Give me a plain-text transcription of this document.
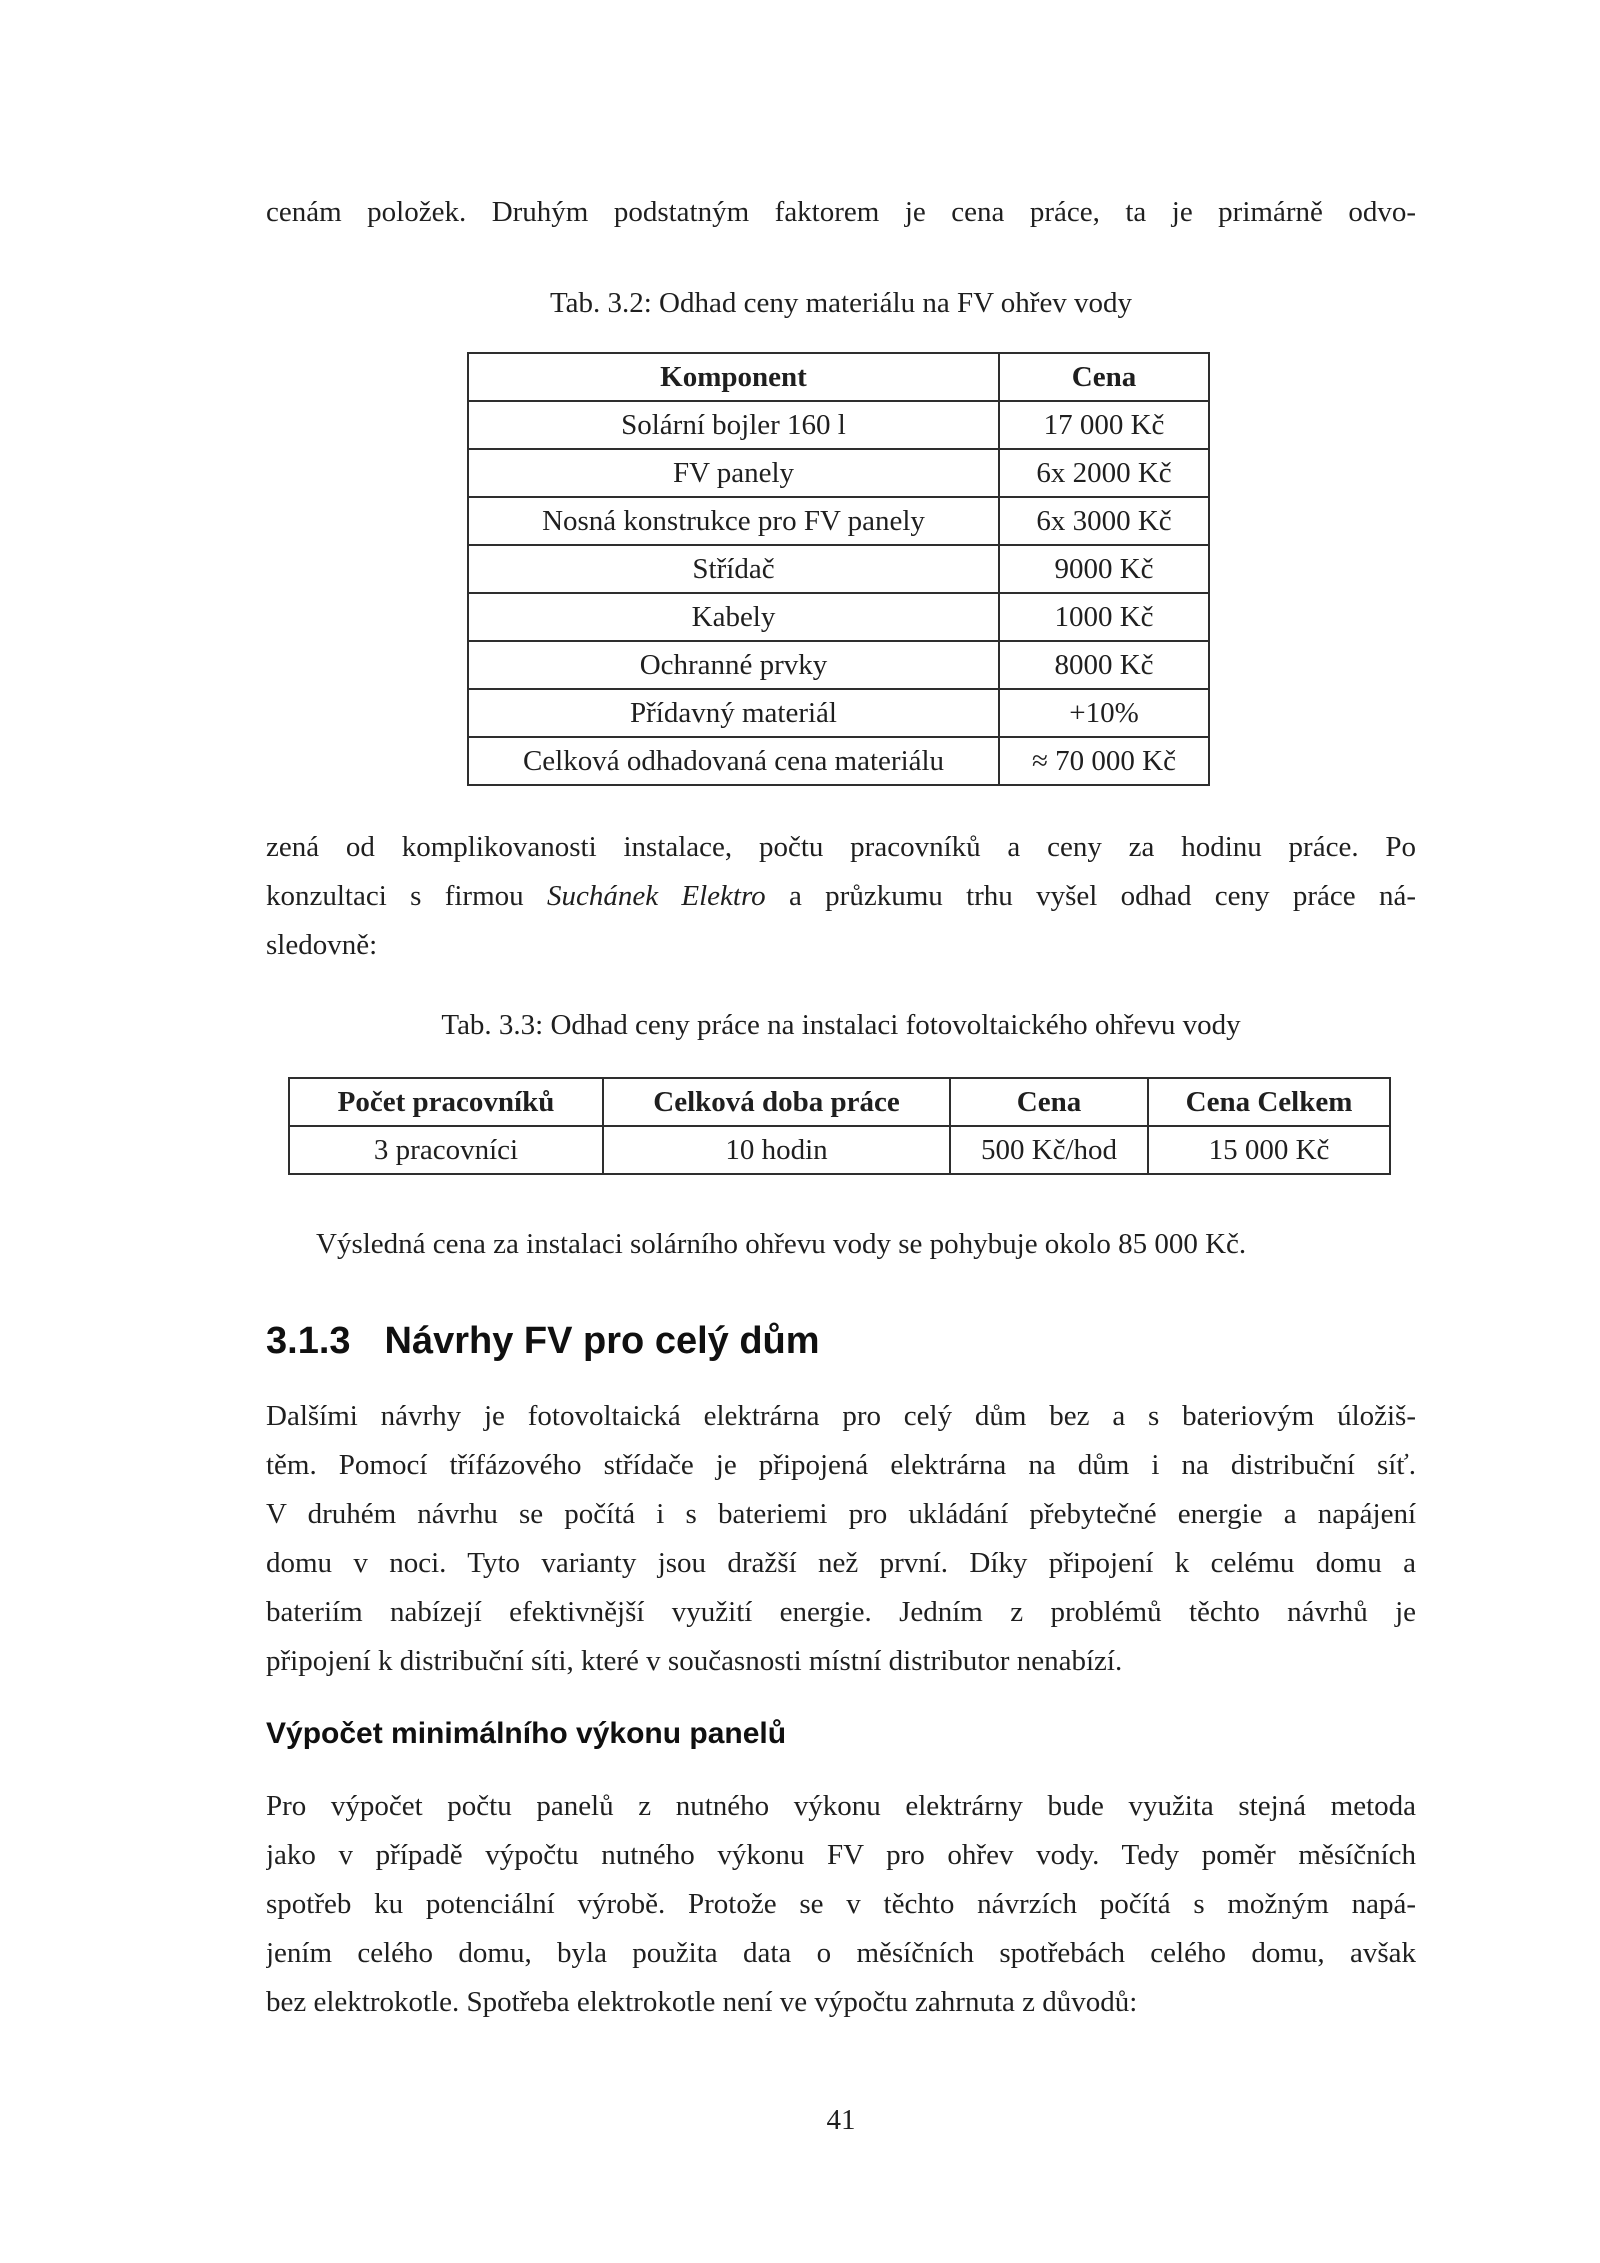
cenám položek. Druhým podstatným faktorem je cena práce, ta je primárně odvo-
Tab. 3.2: Odhad ceny materiálu na FV ohřev vody
Komponent	Cena
Solární bojler 160 l	17 000 Kč
FV panely	6x 2000 Kč
Nosná konstrukce pro FV panely	6x 3000 Kč
Střídač	9000 Kč
Kabely	1000 Kč
Ochranné prvky	8000 Kč
Přídavný materiál	+10%
Celková odhadovaná cena materiálu	≈ 70 000 Kč
zená od komplikovanosti instalace, počtu pracovníků a ceny za hodinu práce. Po
konzultaci s firmou Suchánek Elektro a průzkumu trhu vyšel odhad ceny práce ná-
sledovně:
Tab. 3.3: Odhad ceny práce na instalaci fotovoltaického ohřevu vody
Počet pracovníků	Celková doba práce	Cena	Cena Celkem
3 pracovníci	10 hodin	500 Kč/hod	15 000 Kč
Výsledná cena za instalaci solárního ohřevu vody se pohybuje okolo 85 000 Kč.
3.1.3 Návrhy FV pro celý dům
Dalšími návrhy je fotovoltaická elektrárna pro celý dům bez a s bateriovým úložiš-
těm. Pomocí třífázového střídače je připojená elektrárna na dům i na distribuční síť.
V druhém návrhu se počítá i s bateriemi pro ukládání přebytečné energie a napájení
domu v noci. Tyto varianty jsou dražší než první. Díky připojení k celému domu a
bateriím nabízejí efektivnější využití energie. Jedním z problémů těchto návrhů je
připojení k distribuční síti, které v současnosti místní distributor nenabízí.
Výpočet minimálního výkonu panelů
Pro výpočet počtu panelů z nutného výkonu elektrárny bude využita stejná metoda
jako v případě výpočtu nutného výkonu FV pro ohřev vody. Tedy poměr měsíčních
spotřeb ku potenciální výrobě. Protože se v těchto návrzích počítá s možným napá-
jením celého domu, byla použita data o měsíčních spotřebách celého domu, avšak
bez elektrokotle. Spotřeba elektrokotle není ve výpočtu zahrnuta z důvodů:
41
